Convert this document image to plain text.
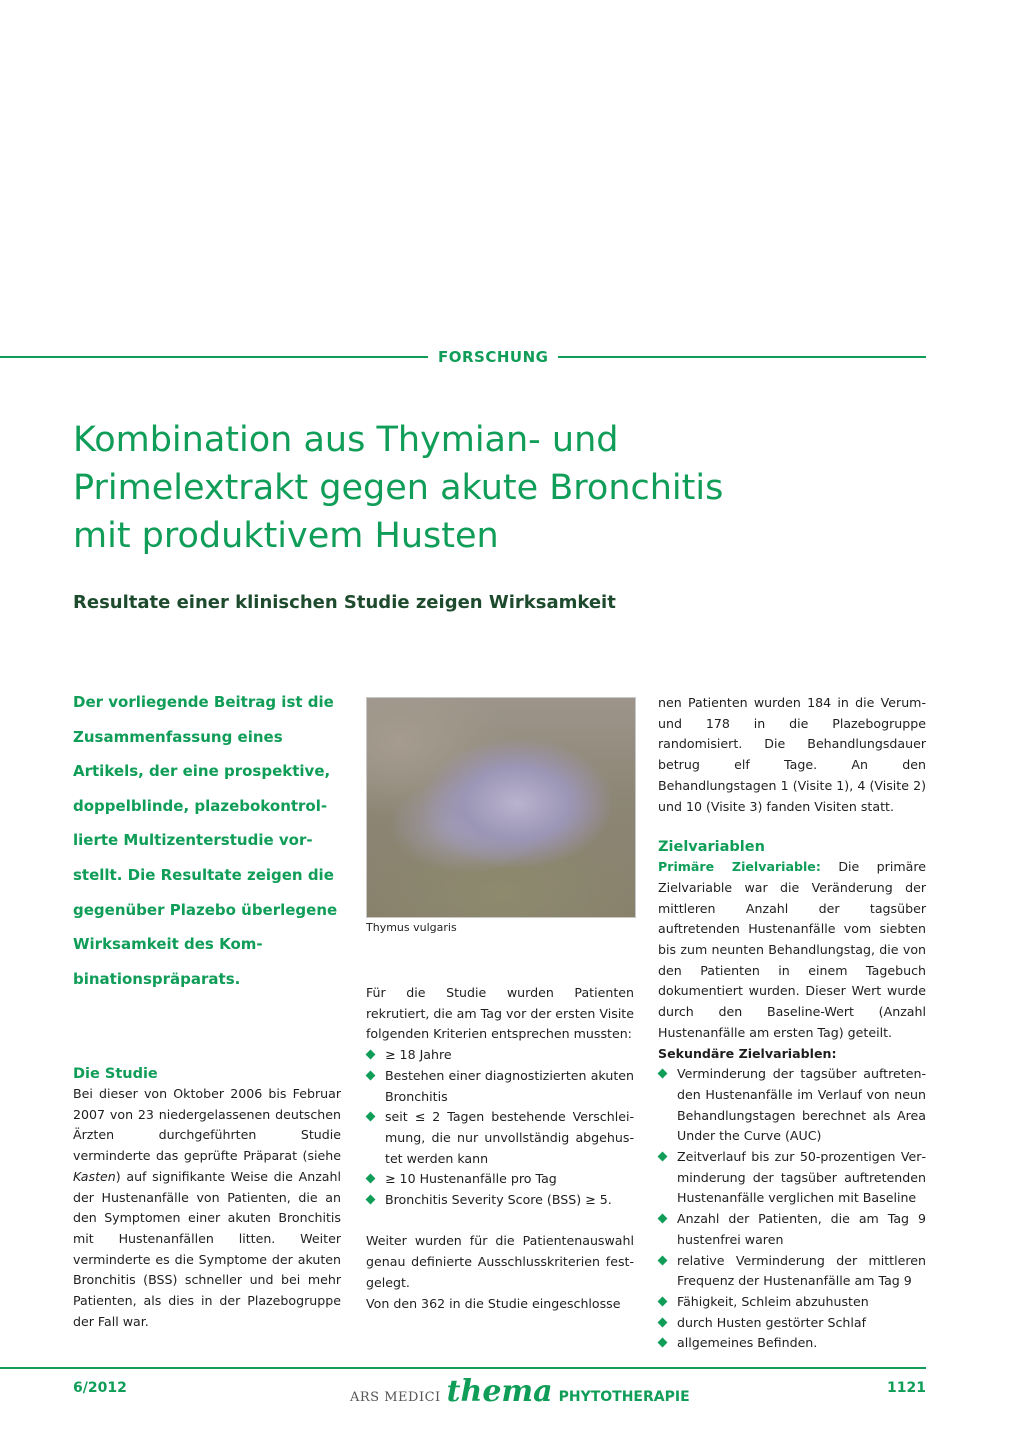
FORSCHUNG
Kombination aus Thymian- und
Primelextrakt gegen akute Bronchitis
mit produktivem Husten
Resultate einer klinischen Studie zeigen Wirksamkeit

Der vorliegende Beitrag ist die Zusammenfassung eines Artikels, der eine prospektive, doppelblinde, plazebokontrollierte Multizenterstudie vorstellt. Die Resultate zeigen die gegenüber Plazebo überlegene Wirksamkeit des Kombinationspräparats.

Die Studie

Bei dieser von Oktober 2006 bis Februar 2007 von 23 niedergelassenen deutschen Ärzten durchgeführten Studie verminderte das geprüfte Präparat (siehe Kasten) auf signifikante Weise die Anzahl der Hustenanfälle von Patienten, die an den Symptomen einer akuten Bronchitis mit Hustenanfällen litten. Weiter verminderte es die Symptome der akuten Bronchitis (BSS) schneller und bei mehr Patienten, als dies in der Plazebogruppe der Fall war.

Thymus vulgaris

Für die Studie wurden Patienten rekrutiert, die am Tag vor der ersten Visite folgenden Kriterien entsprechen mussten:

≥ 18 Jahre
Bestehen einer diagnostizierten akuten Bronchitis
seit ≤ 2 Tagen bestehende Verschleimung, die nur unvollständig abgehustet werden kann
≥ 10 Hustenanfälle pro Tag
Bronchitis Severity Score (BSS) ≥ 5.

Weiter wurden für die Patientenauswahl genau definierte Ausschlusskriterien festgelegt.

Von den 362 in die Studie eingeschlosse

nen Patienten wurden 184 in die Verum- und 178 in die Plazebogruppe randomisiert. Die Behandlungsdauer betrug elf Tage. An den Behandlungstagen 1 (Visite 1), 4 (Visite 2) und 10 (Visite 3) fanden Visiten statt.

Zielvariablen

Primäre Zielvariable: Die primäre Zielvariable war die Veränderung der mittleren Anzahl der tagsüber auftretenden Hustenanfälle vom siebten bis zum neunten Behandlungstag, die von den Patienten in einem Tagebuch dokumentiert wurden. Dieser Wert wurde durch den Baseline-Wert (Anzahl Hustenanfälle am ersten Tag) geteilt.

Sekundäre Zielvariablen:

Verminderung der tagsüber auftretenden Hustenanfälle im Verlauf von neun Behandlungstagen berechnet als Area Under the Curve (AUC)
Zeitverlauf bis zur 50-prozentigen Verminderung der tagsüber auftretenden Hustenanfälle verglichen mit Baseline
Anzahl der Patienten, die am Tag 9 hustenfrei waren
relative Verminderung der mittleren Frequenz der Hustenanfälle am Tag 9
Fähigkeit, Schleim abzuhusten
durch Husten gestörter Schlaf
allgemeines Befinden.

6/2012

ARS MEDICI thema PHYTOTHERAPIE

1121
